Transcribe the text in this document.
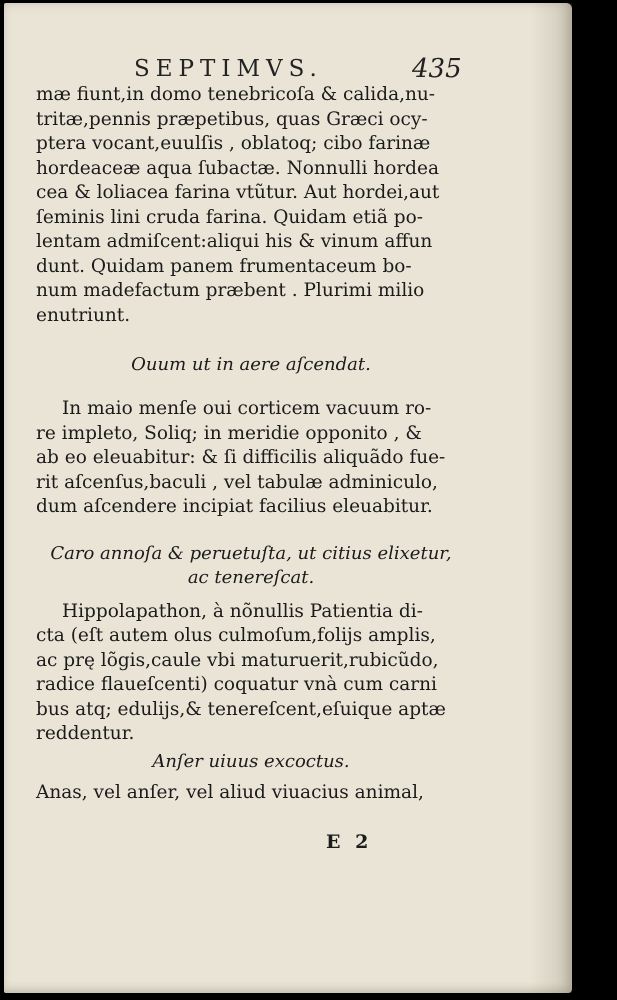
SEPTIMVS.	435
mæ fiunt,in domo tenebricoſa & calida,nu-
tritæ,pennis præpetibus, quas Græci ocy-
ptera vocant,euulſis , oblatoq; cibo farinæ
hordeaceæ aqua ſubactæ. Nonnulli hordea
cea & loliacea farina vtũtur. Aut hordei,aut
ſeminis lini cruda farina. Quidam etiã po-
lentam admiſcent:aliqui his & vinum affun
dunt. Quidam panem frumentaceum bo-
num madefactum præbent . Plurimi milio
enutriunt.
Ouum ut in aere aſcendat.
In maio menſe oui corticem vacuum ro-
re impleto, Soliq; in meridie opponito , &
ab eo eleuabitur: & ſi difficilis aliquãdo fue-
rit aſcenſus,baculi , vel tabulæ adminiculo,
dum aſcendere incipiat facilius eleuabitur.
Caro annoſa & peruetuſta, ut citius elixetur,
ac tenereſcat.
Hippolapathon, à nõnullis Patientia di-
cta (eſt autem olus culmoſum,folijs amplis,
ac prę lõgis,caule vbi maturuerit,rubicũdo,
radice flaueſcenti) coquatur vnà cum carni
bus atq; edulijs,& tenereſcent,eſuique aptæ
reddentur.
Anſer uiuus excoctus.
Anas, vel anſer, vel aliud viuacius animal,
E 2
